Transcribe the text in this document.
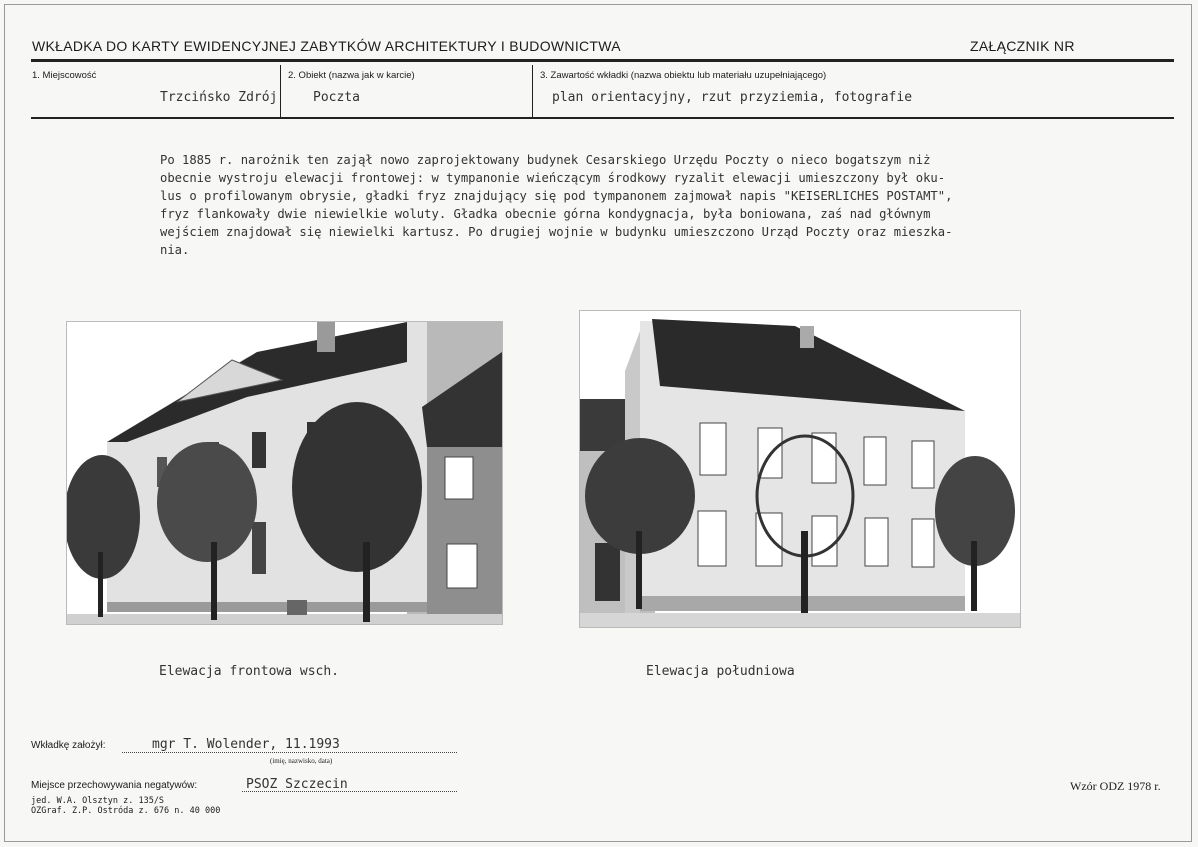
WKŁADKA DO KARTY EWIDENCYJNEJ ZABYTKÓW ARCHITEKTURY I BUDOWNICTWA	ZAŁĄCZNIK NR
1. Miejscowość
Trzcińsko Zdrój
2. Obiekt (nazwa jak w karcie)
Poczta
3. Zawartość wkładki (nazwa obiektu lub materiału uzupełniającego)
plan orientacyjny, rzut przyziemia, fotografie
Po 1885 r. narożnik ten zajął nowo zaprojektowany budynek Cesarskiego Urzędu Poczty o nieco bogatszym niż
obecnie wystroju elewacji frontowej: w tympanonie wieńczącym środkowy ryzalit elewacji umieszczony był oku-
lus o profilowanym obrysie, gładki fryz znajdujący się pod tympanonem zajmował napis "KEISERLICHES POSTAMT",
fryz flankowały dwie niewielkie woluty. Gładka obecnie górna kondygnacja, była boniowana, zaś nad głównym
wejściem znajdował się niewielki kartusz. Po drugiej wojnie w budynku umieszczono Urząd Poczty oraz mieszka-
nia.
Elewacja frontowa wsch.	Elewacja południowa
Wkładkę założył:	mgr T. Wolender, 11.1993
(imię, nazwisko, data)
Miejsce przechowywania negatywów:	PSOZ Szczecin
jed. W.A. Olsztyn z. 135/S
OZGraf. Z.P. Ostróda z. 676 n. 40 000
Wzór ODZ 1978 r.
